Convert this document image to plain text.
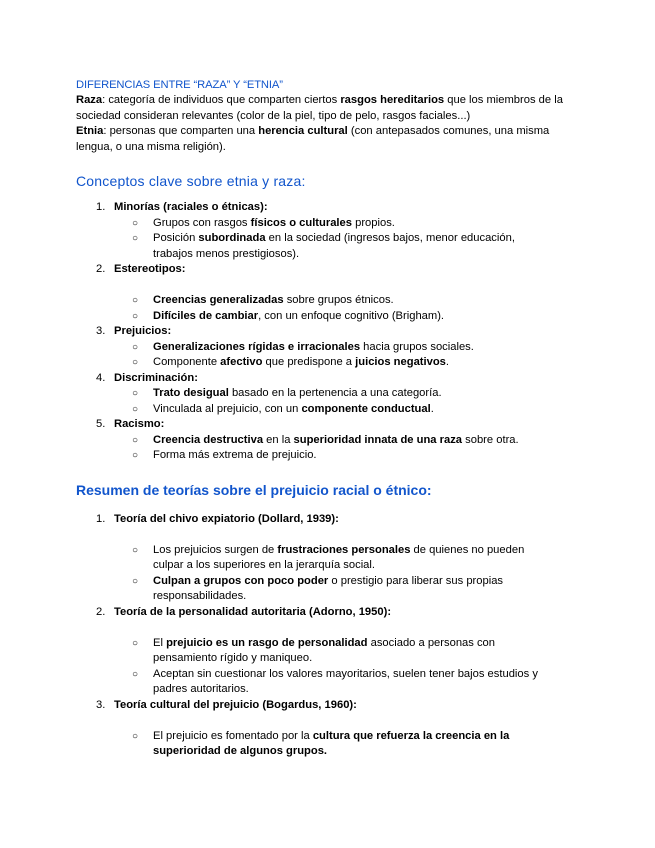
DIFERENCIAS ENTRE “RAZA” Y “ETNIA”

Raza: categoría de individuos que comparten ciertos rasgos hereditarios que los miembros de la sociedad consideran relevantes (color de la piel, tipo de pelo, rasgos faciales...)

Etnia: personas que comparten una herencia cultural (con antepasados comunes, una misma lengua, o una misma religión).

Conceptos clave sobre etnia y raza:
1. Minorías (raciales o étnicas):
○ Grupos con rasgos físicos o culturales propios.
○ Posición subordinada en la sociedad (ingresos bajos, menor educación,
trabajos menos prestigiosos).
2. Estereotipos:
○ Creencias generalizadas sobre grupos étnicos.
○ Difíciles de cambiar, con un enfoque cognitivo (Brigham).
3. Prejuicios:
○ Generalizaciones rígidas e irracionales hacia grupos sociales.
○ Componente afectivo que predispone a juicios negativos.
4. Discriminación:
○ Trato desigual basado en la pertenencia a una categoría.
○ Vinculada al prejuicio, con un componente conductual.
5. Racismo:
○ Creencia destructiva en la superioridad innata de una raza sobre otra.
○ Forma más extrema de prejuicio.
Resumen de teorías sobre el prejuicio racial o étnico:
1. Teoría del chivo expiatorio (Dollard, 1939):
○ Los prejuicios surgen de frustraciones personales de quienes no pueden
culpar a los superiores en la jerarquía social.
○ Culpan a grupos con poco poder o prestigio para liberar sus propias
responsabilidades.
2. Teoría de la personalidad autoritaria (Adorno, 1950):
○ El prejuicio es un rasgo de personalidad asociado a personas con
pensamiento rígido y maniqueo.
○ Aceptan sin cuestionar los valores mayoritarios, suelen tener bajos estudios y
padres autoritarios.
3. Teoría cultural del prejuicio (Bogardus, 1960):
○ El prejuicio es fomentado por la cultura que refuerza la creencia en la
superioridad de algunos grupos.
